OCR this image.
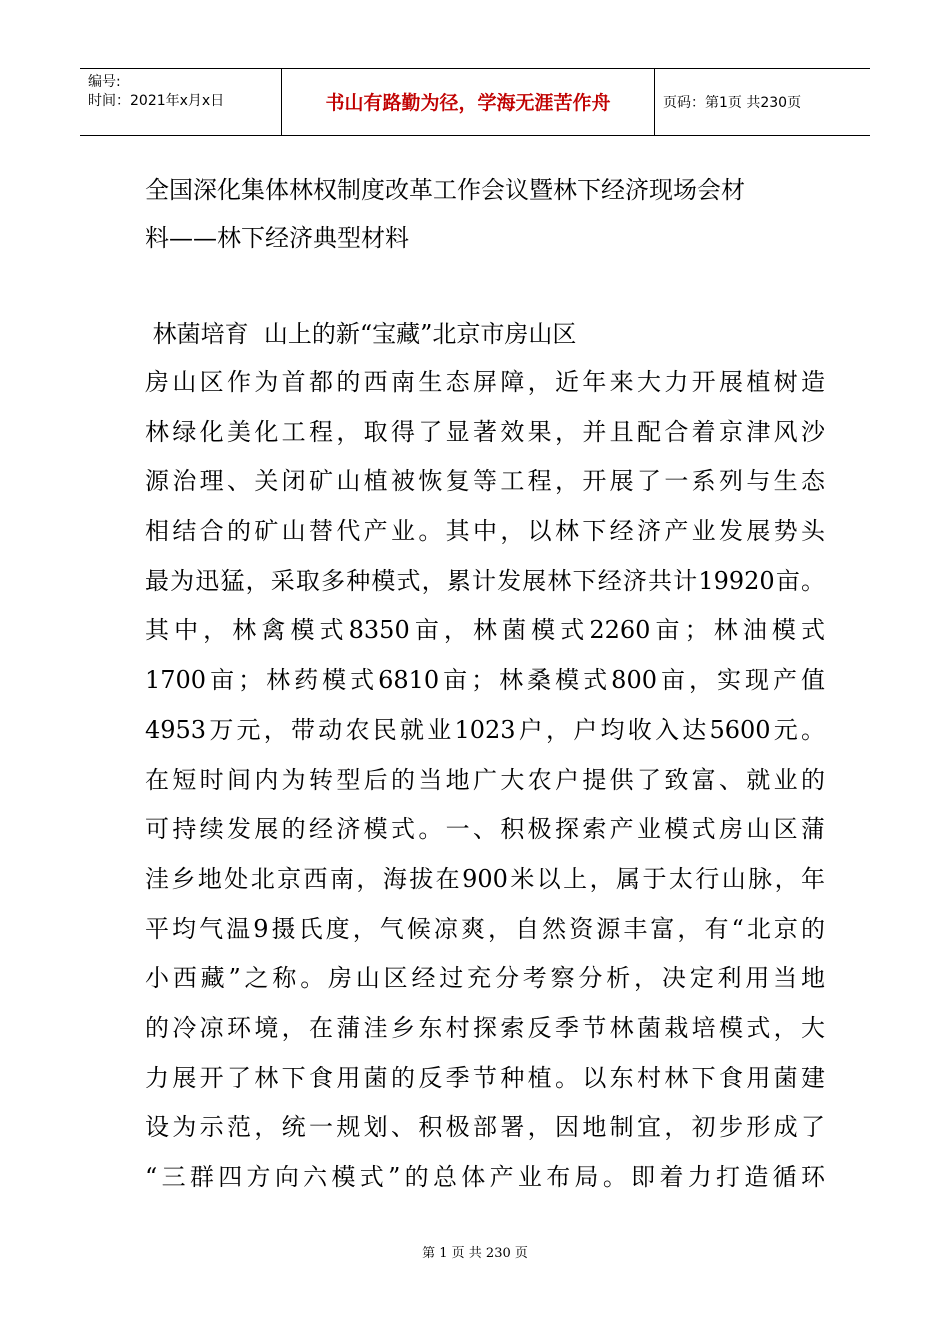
编号:
时间：2021年x月x日	书山有路勤为径，学海无涯苦作舟	页码：第1页 共230页
全国深化集体林权制度改革工作会议暨林下经济现场会材
料——林下经济典型材料
林菌培育  山上的新“宝藏”北京市房山区
房山区作为首都的西南生态屏障，近年来大力开展植树造
林绿化美化工程，取得了显著效果，并且配合着京津风沙
源治理、关闭矿山植被恢复等工程，开展了一系列与生态
相结合的矿山替代产业。其中，以林下经济产业发展势头
最为迅猛，采取多种模式，累计发展林下经济共计19920亩。
其中，林禽模式8350亩，林菌模式2260亩；林油模式
1700亩；林药模式6810亩；林桑模式800亩，实现产值
4953万元，带动农民就业1023户，户均收入达5600元。
在短时间内为转型后的当地广大农户提供了致富、就业的
可持续发展的经济模式。一、积极探索产业模式房山区蒲
洼乡地处北京西南，海拔在900米以上，属于太行山脉，年
平均气温9摄氏度，气候凉爽，自然资源丰富，有“北京的
小西藏”之称。房山区经过充分考察分析，决定利用当地
的冷凉环境，在蒲洼乡东村探索反季节林菌栽培模式，大
力展开了林下食用菌的反季节种植。以东村林下食用菌建
设为示范，统一规划、积极部署，因地制宜，初步形成了
“三群四方向六模式”的总体产业布局。即着力打造循环
第 1 页 共 230 页
